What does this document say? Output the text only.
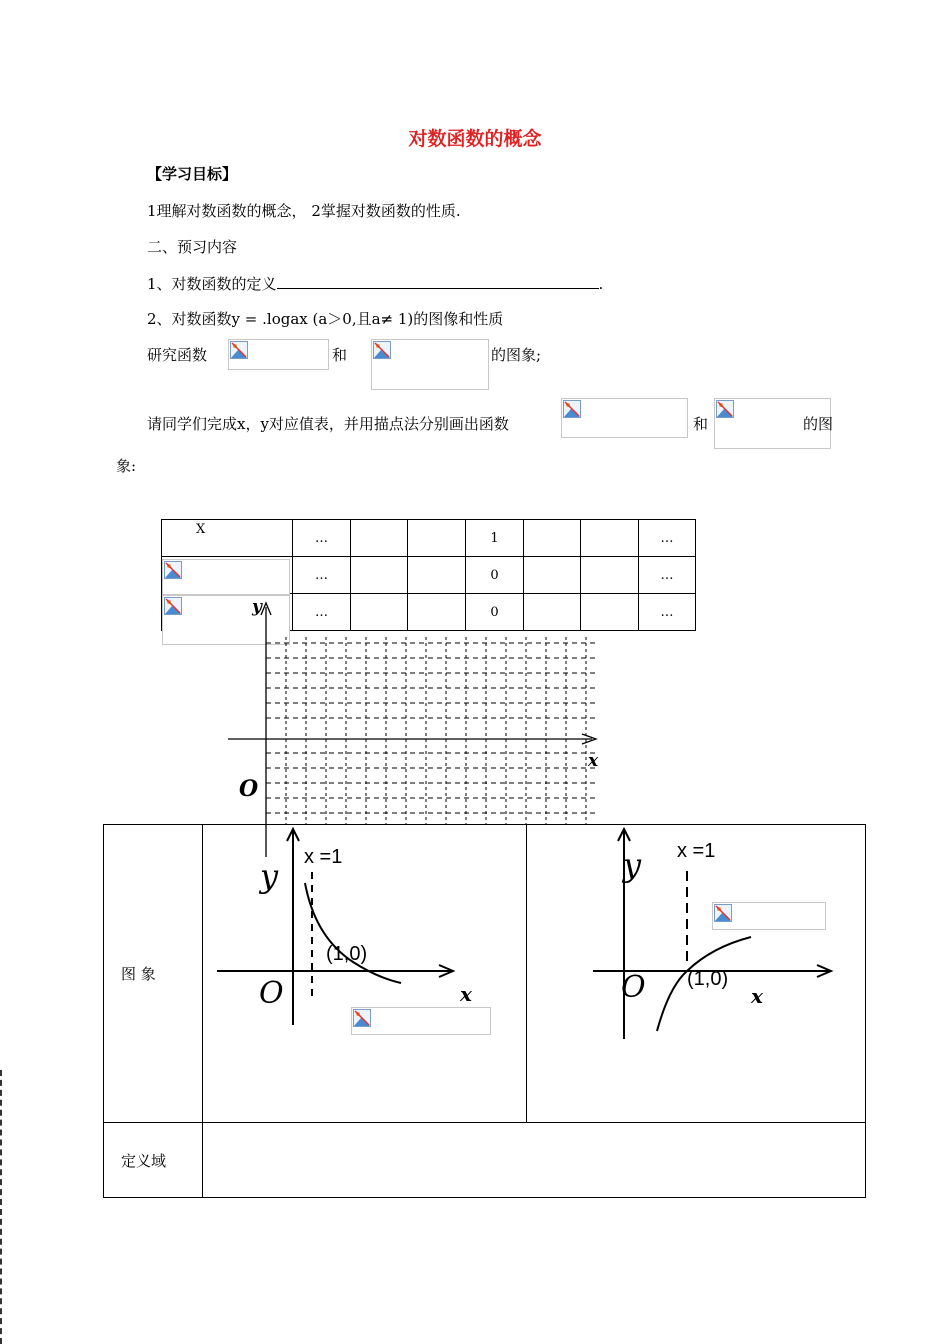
对数函数的概念
【学习目标】
1理解对数函数的概念， 2掌握对数函数的性质.
二、预习内容
1、对数函数的定义	.
2、对数函数y = .logax (a＞0,且a≠ 1)的图像和性质
研究函数	和	的图象;
请同学们完成x，y对应值表，并用描点法分别画出函数	和	的图
象:
X	…			1			…

	…			0			…

	…			0			…
y
x
O
图 象	y x =1
(1,0)
O x	y x =1
(1,0)
O x

定义域		
